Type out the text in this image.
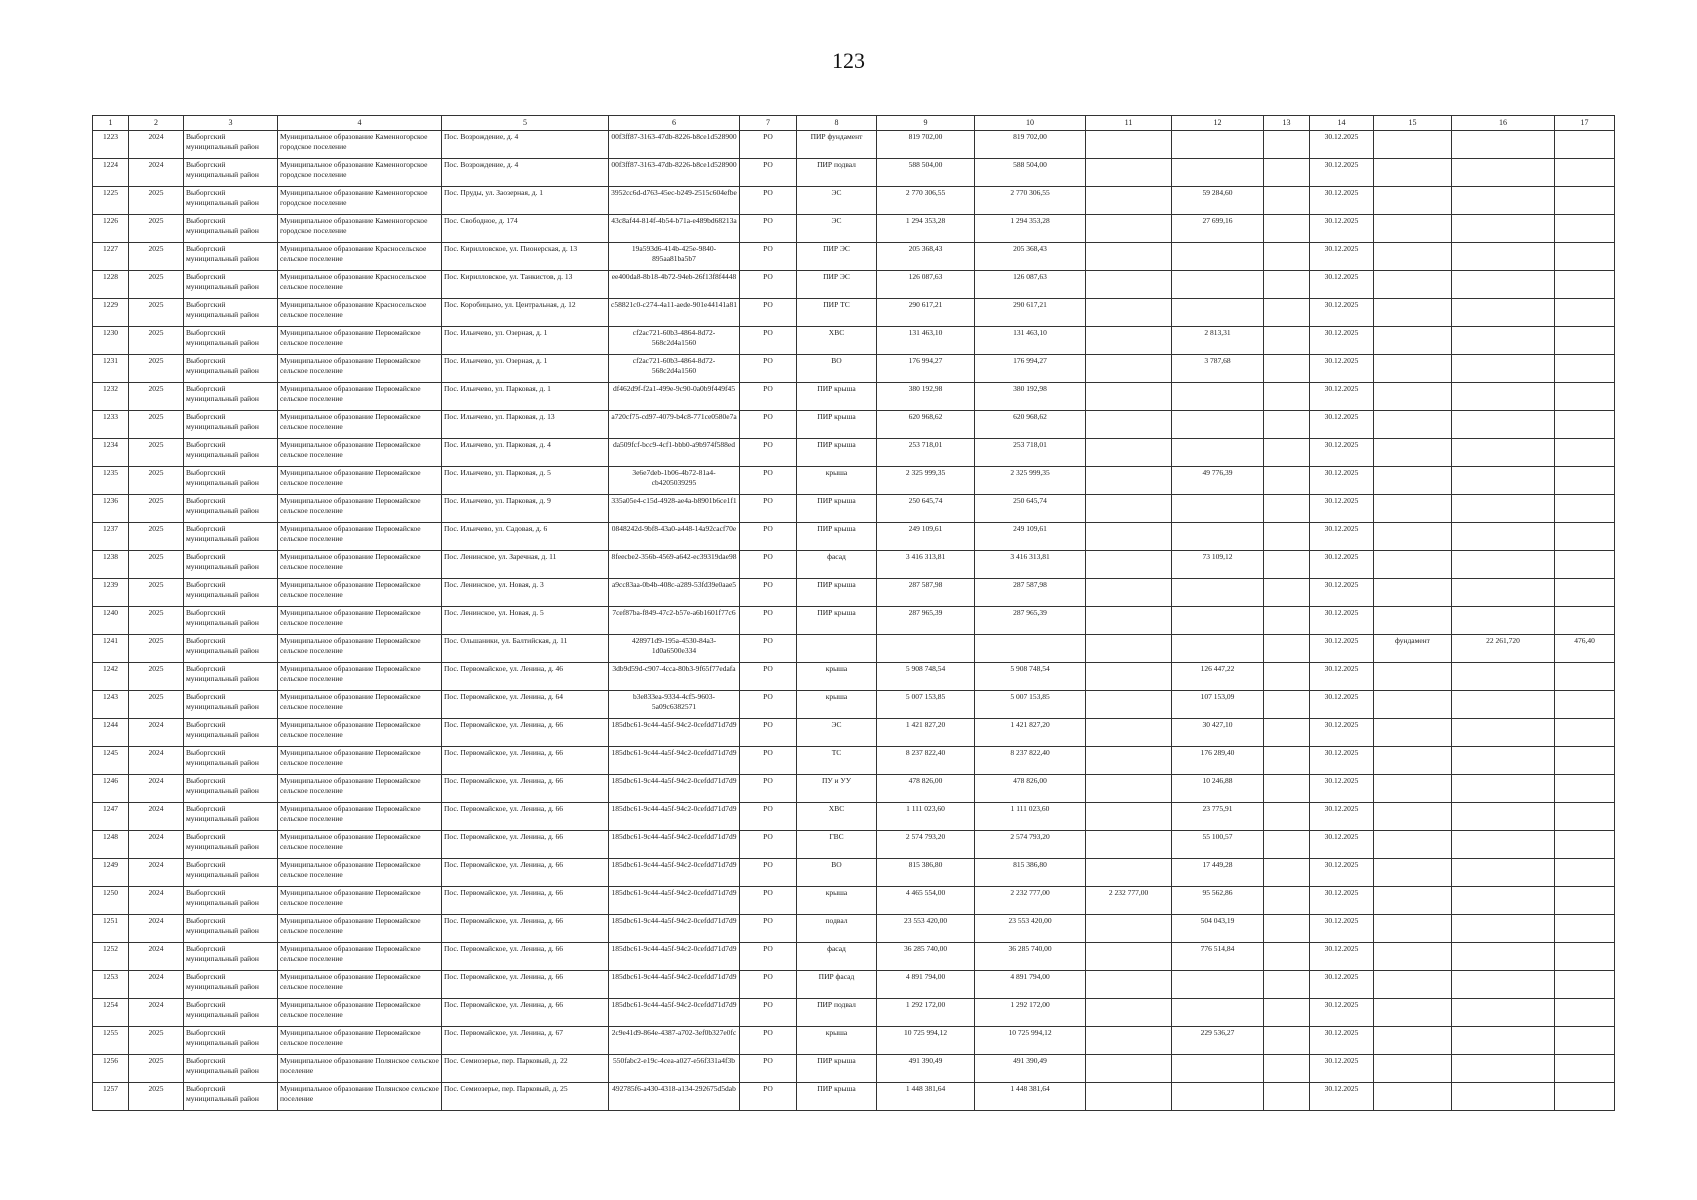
123
1	2	3	4	5	6	7	8	9	10	11	12	13	14	15	16	17
1223	2024	Выборгский муниципальный район	Муниципальное образование Каменногорское городское поселение	Пос. Возрождение, д. 4	00f3ff87-3163-47db-8226-b8ce1d528900	РО	ПИР фундамент	819 702,00	819 702,00				30.12.2025			
1224	2024	Выборгский муниципальный район	Муниципальное образование Каменногорское городское поселение	Пос. Возрождение, д. 4	00f3ff87-3163-47db-8226-b8ce1d528900	РО	ПИР подвал	588 504,00	588 504,00				30.12.2025			
1225	2025	Выборгский муниципальный район	Муниципальное образование Каменногорское городское поселение	Пос. Пруды, ул. Заозерная, д. 1	3952cc6d-d763-45ec-b249-2515c604efbe	РО	ЭС	2 770 306,55	2 770 306,55		59 284,60		30.12.2025			
1226	2025	Выборгский муниципальный район	Муниципальное образование Каменногорское городское поселение	Пос. Свободное, д. 174	43c8af44-814f-4b54-b71a-e489bd68213a	РО	ЭС	1 294 353,28	1 294 353,28		27 699,16		30.12.2025			
1227	2025	Выборгский муниципальный район	Муниципальное образование Красносельское сельское поселение	Пос. Кирилловское, ул. Пионерская, д. 13	19a593d6-414b-425e-9840-895aa81ba5b7	РО	ПИР ЭС	205 368,43	205 368,43				30.12.2025			
1228	2025	Выборгский муниципальный район	Муниципальное образование Красносельское сельское поселение	Пос. Кирилловское, ул. Танкистов, д. 13	ee400da8-8b18-4b72-94eb-26f13f8f4448	РО	ПИР ЭС	126 087,63	126 087,63				30.12.2025			
1229	2025	Выборгский муниципальный район	Муниципальное образование Красносельское сельское поселение	Пос. Коробицыно, ул. Центральная, д. 12	c58821c0-c274-4a11-aede-901e44141a81	РО	ПИР ТС	290 617,21	290 617,21				30.12.2025			
1230	2025	Выборгский муниципальный район	Муниципальное образование Первомайское сельское поселение	Пос. Ильичево, ул. Озерная, д. 1	cf2ac721-60b3-4864-8d72-568c2d4a1560	РО	ХВС	131 463,10	131 463,10		2 813,31		30.12.2025			
1231	2025	Выборгский муниципальный район	Муниципальное образование Первомайское сельское поселение	Пос. Ильичево, ул. Озерная, д. 1	cf2ac721-60b3-4864-8d72-568c2d4a1560	РО	ВО	176 994,27	176 994,27		3 787,68		30.12.2025			
1232	2025	Выборгский муниципальный район	Муниципальное образование Первомайское сельское поселение	Пос. Ильичево, ул. Парковая, д. 1	df462d9f-f2a1-499e-9c90-0a0b9f449f45	РО	ПИР крыша	380 192,98	380 192,98				30.12.2025			
1233	2025	Выборгский муниципальный район	Муниципальное образование Первомайское сельское поселение	Пос. Ильичево, ул. Парковая, д. 13	a720cf75-cd97-4079-b4c8-771ce0580e7a	РО	ПИР крыша	620 968,62	620 968,62				30.12.2025			
1234	2025	Выборгский муниципальный район	Муниципальное образование Первомайское сельское поселение	Пос. Ильичево, ул. Парковая, д. 4	da509fcf-bcc9-4cf1-bbb0-a9b974f588ed	РО	ПИР крыша	253 718,01	253 718,01				30.12.2025			
1235	2025	Выборгский муниципальный район	Муниципальное образование Первомайское сельское поселение	Пос. Ильичево, ул. Парковая, д. 5	3e6e7deb-1b06-4b72-81a4-cb4205039295	РО	крыша	2 325 999,35	2 325 999,35		49 776,39		30.12.2025			
1236	2025	Выборгский муниципальный район	Муниципальное образование Первомайское сельское поселение	Пос. Ильичево, ул. Парковая, д. 9	335a05e4-c15d-4928-ae4a-b8901b6ce1f1	РО	ПИР крыша	250 645,74	250 645,74				30.12.2025			
1237	2025	Выборгский муниципальный район	Муниципальное образование Первомайское сельское поселение	Пос. Ильичево, ул. Садовая, д. 6	0848242d-9bf8-43a0-a448-14a92cacf70e	РО	ПИР крыша	249 109,61	249 109,61				30.12.2025			
1238	2025	Выборгский муниципальный район	Муниципальное образование Первомайское сельское поселение	Пос. Ленинское, ул. Заречная, д. 11	8feecbe2-356b-4569-a642-ec39319dae98	РО	фасад	3 416 313,81	3 416 313,81		73 109,12		30.12.2025			
1239	2025	Выборгский муниципальный район	Муниципальное образование Первомайское сельское поселение	Пос. Ленинское, ул. Новая, д. 3	a9cc83aa-0b4b-408c-a289-53fd39e0aae5	РО	ПИР крыша	287 587,98	287 587,98				30.12.2025			
1240	2025	Выборгский муниципальный район	Муниципальное образование Первомайское сельское поселение	Пос. Ленинское, ул. Новая, д. 5	7cef87ba-f849-47c2-b57e-a6b1601f77c6	РО	ПИР крыша	287 965,39	287 965,39				30.12.2025			
1241	2025	Выборгский муниципальный район	Муниципальное образование Первомайское сельское поселение	Пос. Ольшаники, ул. Балтийская, д. 11	428971d9-195a-4530-84a3-1d0a6500e334	РО							30.12.2025	фундамент	22 261,720	476,40
1242	2025	Выборгский муниципальный район	Муниципальное образование Первомайское сельское поселение	Пос. Первомайское, ул. Ленина, д. 46	3db9d59d-c907-4cca-80b3-9f65f77edafa	РО	крыша	5 908 748,54	5 908 748,54		126 447,22		30.12.2025			
1243	2025	Выборгский муниципальный район	Муниципальное образование Первомайское сельское поселение	Пос. Первомайское, ул. Ленина, д. 64	b3e833ea-9334-4cf5-9603-5a09c6382571	РО	крыша	5 007 153,85	5 007 153,85		107 153,09		30.12.2025			
1244	2024	Выборгский муниципальный район	Муниципальное образование Первомайское сельское поселение	Пос. Первомайское, ул. Ленина, д. 66	185dbc61-9c44-4a5f-94c2-0cefdd71d7d9	РО	ЭС	1 421 827,20	1 421 827,20		30 427,10		30.12.2025			
1245	2024	Выборгский муниципальный район	Муниципальное образование Первомайское сельское поселение	Пос. Первомайское, ул. Ленина, д. 66	185dbc61-9c44-4a5f-94c2-0cefdd71d7d9	РО	ТС	8 237 822,40	8 237 822,40		176 289,40		30.12.2025			
1246	2024	Выборгский муниципальный район	Муниципальное образование Первомайское сельское поселение	Пос. Первомайское, ул. Ленина, д. 66	185dbc61-9c44-4a5f-94c2-0cefdd71d7d9	РО	ПУ и УУ	478 826,00	478 826,00		10 246,88		30.12.2025			
1247	2024	Выборгский муниципальный район	Муниципальное образование Первомайское сельское поселение	Пос. Первомайское, ул. Ленина, д. 66	185dbc61-9c44-4a5f-94c2-0cefdd71d7d9	РО	ХВС	1 111 023,60	1 111 023,60		23 775,91		30.12.2025			
1248	2024	Выборгский муниципальный район	Муниципальное образование Первомайское сельское поселение	Пос. Первомайское, ул. Ленина, д. 66	185dbc61-9c44-4a5f-94c2-0cefdd71d7d9	РО	ГВС	2 574 793,20	2 574 793,20		55 100,57		30.12.2025			
1249	2024	Выборгский муниципальный район	Муниципальное образование Первомайское сельское поселение	Пос. Первомайское, ул. Ленина, д. 66	185dbc61-9c44-4a5f-94c2-0cefdd71d7d9	РО	ВО	815 386,80	815 386,80		17 449,28		30.12.2025			
1250	2024	Выборгский муниципальный район	Муниципальное образование Первомайское сельское поселение	Пос. Первомайское, ул. Ленина, д. 66	185dbc61-9c44-4a5f-94c2-0cefdd71d7d9	РО	крыша	4 465 554,00	2 232 777,00	2 232 777,00	95 562,86		30.12.2025			
1251	2024	Выборгский муниципальный район	Муниципальное образование Первомайское сельское поселение	Пос. Первомайское, ул. Ленина, д. 66	185dbc61-9c44-4a5f-94c2-0cefdd71d7d9	РО	подвал	23 553 420,00	23 553 420,00		504 043,19		30.12.2025			
1252	2024	Выборгский муниципальный район	Муниципальное образование Первомайское сельское поселение	Пос. Первомайское, ул. Ленина, д. 66	185dbc61-9c44-4a5f-94c2-0cefdd71d7d9	РО	фасад	36 285 740,00	36 285 740,00		776 514,84		30.12.2025			
1253	2024	Выборгский муниципальный район	Муниципальное образование Первомайское сельское поселение	Пос. Первомайское, ул. Ленина, д. 66	185dbc61-9c44-4a5f-94c2-0cefdd71d7d9	РО	ПИР фасад	4 891 794,00	4 891 794,00				30.12.2025			
1254	2024	Выборгский муниципальный район	Муниципальное образование Первомайское сельское поселение	Пос. Первомайское, ул. Ленина, д. 66	185dbc61-9c44-4a5f-94c2-0cefdd71d7d9	РО	ПИР подвал	1 292 172,00	1 292 172,00				30.12.2025			
1255	2025	Выборгский муниципальный район	Муниципальное образование Первомайское сельское поселение	Пос. Первомайское, ул. Ленина, д. 67	2c9e41d9-864e-4387-a702-3ef0b327e0fc	РО	крыша	10 725 994,12	10 725 994,12		229 536,27		30.12.2025			
1256	2025	Выборгский муниципальный район	Муниципальное образование Полянское сельское поселение	Пос. Семиозерье, пер. Парковый, д. 22	550fabc2-e19c-4cea-a027-e56f331a4f3b	РО	ПИР крыша	491 390,49	491 390,49				30.12.2025			
1257	2025	Выборгский муниципальный район	Муниципальное образование Полянское сельское поселение	Пос. Семиозерье, пер. Парковый, д. 25	492785f6-a430-4318-a134-292675d5dab	РО	ПИР крыша	1 448 381,64	1 448 381,64				30.12.2025			
